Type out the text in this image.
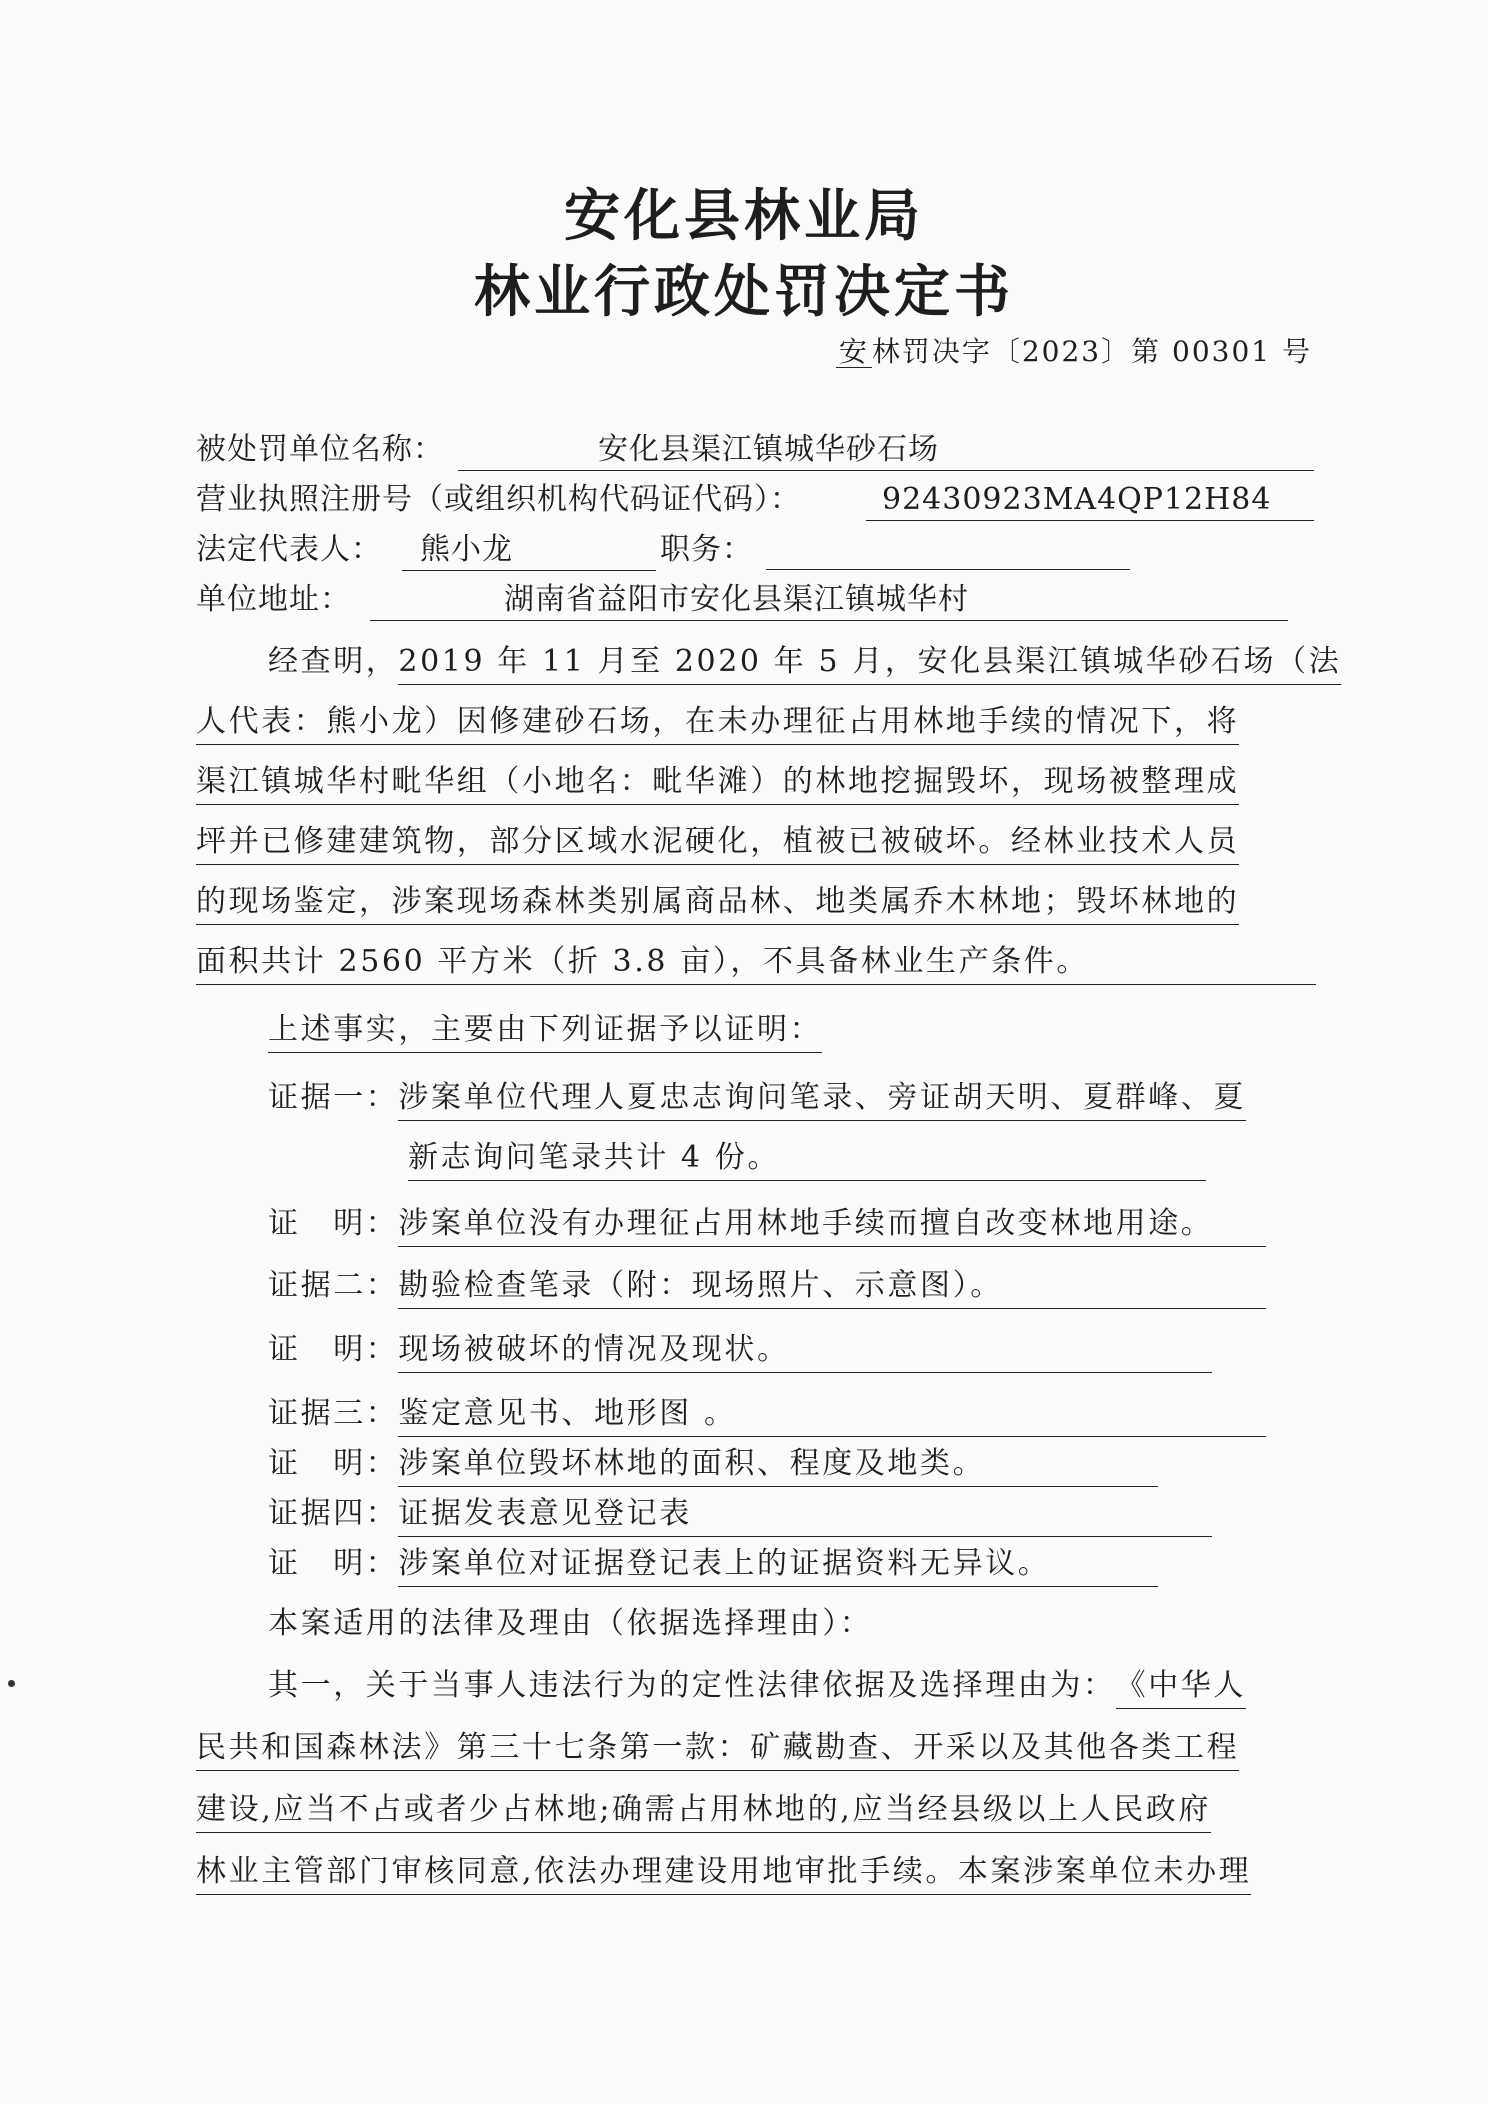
安化县林业局
林业行政处罚决定书
安 林罚决字〔2023〕第 00301 号
被处罚单位名称：	安化县渠江镇城华砂石场
营业执照注册号（或组织机构代码证代码）：	92430923MA4QP12H84
法定代表人：	熊小龙	职务：
单位地址：	湖南省益阳市安化县渠江镇城华村
经查明，2019 年 11 月至 2020 年 5 月，安化县渠江镇城华砂石场（法
人代表：熊小龙）因修建砂石场，在未办理征占用林地手续的情况下，将
渠江镇城华村毗华组（小地名：毗华滩）的林地挖掘毁坏，现场被整理成
坪并已修建建筑物，部分区域水泥硬化，植被已被破坏。经林业技术人员
的现场鉴定，涉案现场森林类别属商品林、地类属乔木林地；毁坏林地的
面积共计 2560 平方米（折 3.8 亩），不具备林业生产条件。
上述事实，主要由下列证据予以证明：
证据一：涉案单位代理人夏忠志询问笔录、旁证胡天明、夏群峰、夏
新志询问笔录共计 4 份。
证　明：涉案单位没有办理征占用林地手续而擅自改变林地用途。
证据二：勘验检查笔录（附：现场照片、示意图）。
证　明：现场被破坏的情况及现状。
证据三：鉴定意见书、地形图 。
证　明：涉案单位毁坏林地的面积、程度及地类。
证据四：证据发表意见登记表
证　明：涉案单位对证据登记表上的证据资料无异议。
本案适用的法律及理由（依据选择理由）：
其一，关于当事人违法行为的定性法律依据及选择理由为：《中华人
民共和国森林法》第三十七条第一款：矿藏勘查、开采以及其他各类工程
建设,应当不占或者少占林地;确需占用林地的,应当经县级以上人民政府
林业主管部门审核同意,依法办理建设用地审批手续。本案涉案单位未办理
